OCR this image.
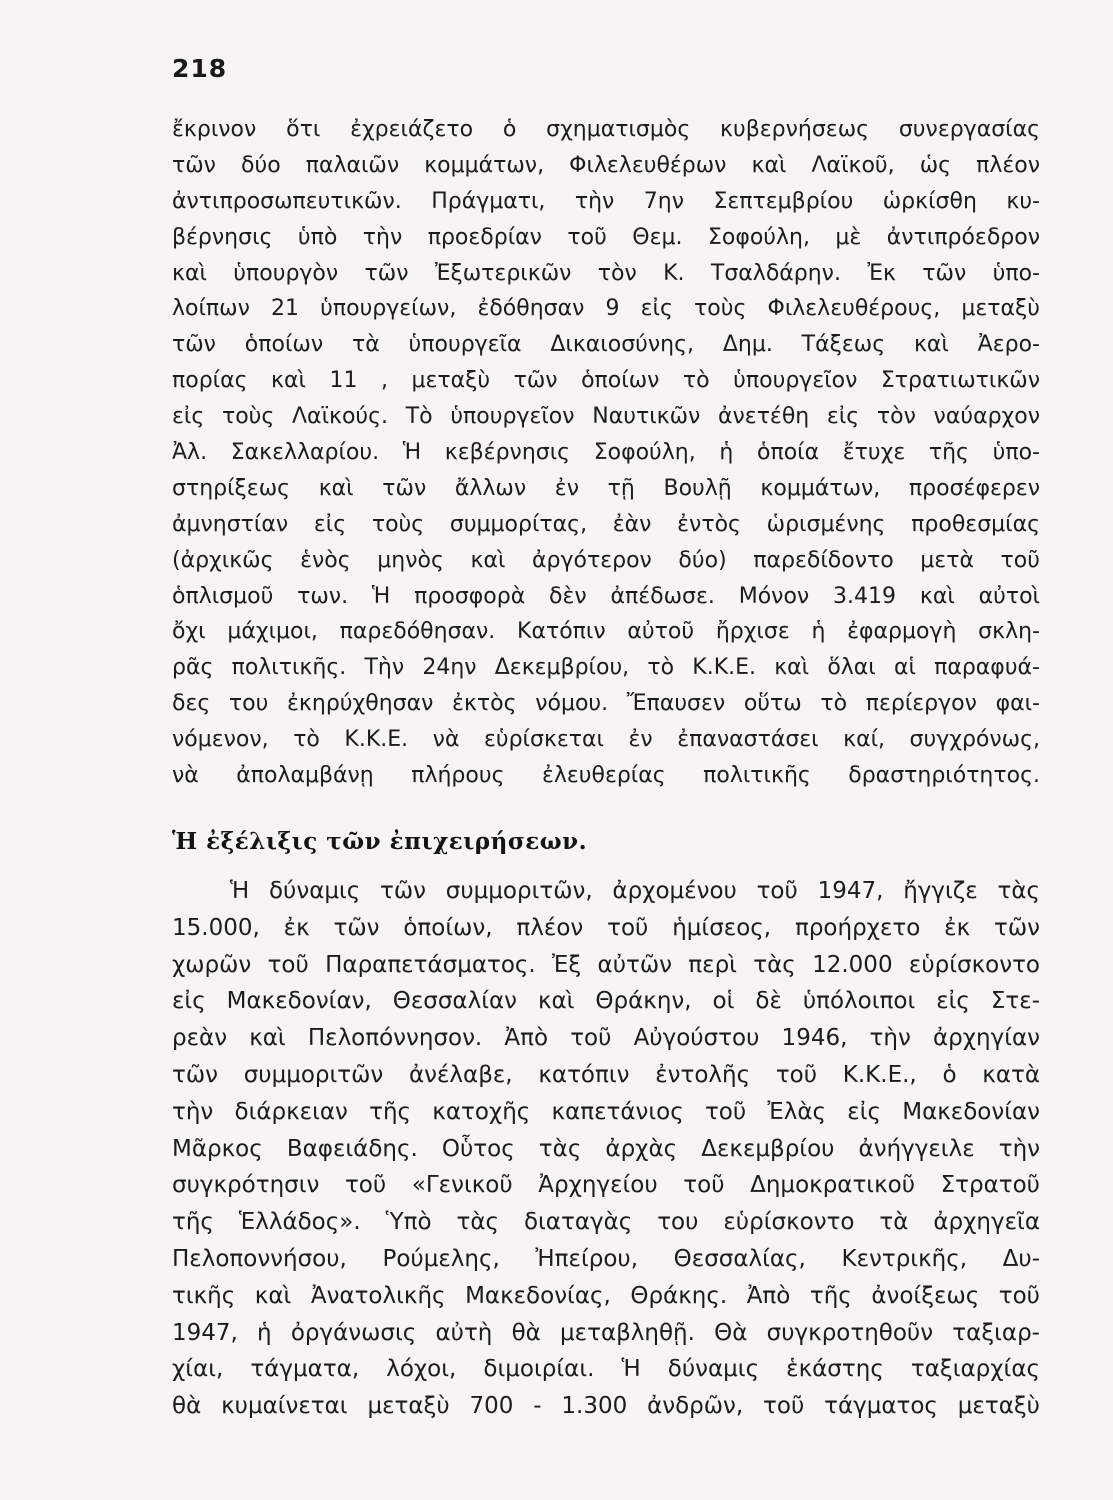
218
ἔκρινον ὅτι ἐχρειάζετο ὁ σχηματισμὸς κυβερνήσεως συνεργασίας
τῶν δύο παλαιῶν κομμάτων, Φιλελευθέρων καὶ Λαϊκοῦ, ὡς πλέον
ἀντιπροσωπευτικῶν. Πράγματι, τὴν 7ην Σεπτεμβρίου ὡρκίσθη κυ-
βέρνησις ὑπὸ τὴν προεδρίαν τοῦ Θεμ. Σοφούλη, μὲ ἀντιπρόεδρον
καὶ ὑπουργὸν τῶν Ἐξωτερικῶν τὸν Κ. Τσαλδάρην. Ἐκ τῶν ὑπο-
λοίπων 21 ὑπουργείων, ἐδόθησαν 9 εἰς τοὺς Φιλελευθέρους, μεταξὺ
τῶν ὁποίων τὰ ὑπουργεῖα Δικαιοσύνης, Δημ. Τάξεως καὶ Ἀερο-
πορίας καὶ 11 , μεταξὺ τῶν ὁποίων τὸ ὑπουργεῖον Στρατιωτικῶν
εἰς τοὺς Λαϊκούς. Τὸ ὑπουργεῖον Ναυτικῶν ἀνετέθη εἰς τὸν ναύαρχον
Ἀλ. Σακελλαρίου. Ἡ κεβέρνησις Σοφούλη, ἡ ὁποία ἔτυχε τῆς ὑπο-
στηρίξεως καὶ τῶν ἄλλων ἐν τῇ Βουλῇ κομμάτων, προσέφερεν
ἀμνηστίαν εἰς τοὺς συμμορίτας, ἐὰν ἐντὸς ὡρισμένης προθεσμίας
(ἀρχικῶς ἑνὸς μηνὸς καὶ ἀργότερον δύο) παρεδίδοντο μετὰ τοῦ
ὁπλισμοῦ των. Ἡ προσφορὰ δὲν ἀπέδωσε. Μόνον 3.419 καὶ αὐτοὶ
ὄχι μάχιμοι, παρεδόθησαν. Κατόπιν αὐτοῦ ἤρχισε ἡ ἐφαρμογὴ σκλη-
ρᾶς πολιτικῆς. Τὴν 24ην Δεκεμβρίου, τὸ Κ.Κ.Ε. καὶ ὅλαι αἱ παραφυά-
δες του ἐκηρύχθησαν ἐκτὸς νόμου. Ἔπαυσεν οὕτω τὸ περίεργον φαι-
νόμενον, τὸ Κ.Κ.Ε. νὰ εὑρίσκεται ἐν ἐπαναστάσει καί, συγχρόνως,
νὰ ἀπολαμβάνῃ πλήρους ἐλευθερίας πολιτικῆς δραστηριότητος.
Ἡ ἐξέλιξις τῶν ἐπιχειρήσεων.
Ἡ δύναμις τῶν συμμοριτῶν, ἀρχομένου τοῦ 1947, ἤγγιζε τὰς
15.000, ἐκ τῶν ὁποίων, πλέον τοῦ ἡμίσεος, προήρχετο ἐκ τῶν
χωρῶν τοῦ Παραπετάσματος. Ἐξ αὐτῶν περὶ τὰς 12.000 εὑρίσκοντο
εἰς Μακεδονίαν, Θεσσαλίαν καὶ Θράκην, οἱ δὲ ὑπόλοιποι εἰς Στε-
ρεὰν καὶ Πελοπόννησον. Ἀπὸ τοῦ Αὐγούστου 1946, τὴν ἀρχηγίαν
τῶν συμμοριτῶν ἀνέλαβε, κατόπιν ἐντολῆς τοῦ Κ.Κ.Ε., ὁ κατὰ
τὴν διάρκειαν τῆς κατοχῆς καπετάνιος τοῦ Ἐλὰς εἰς Μακεδονίαν
Μᾶρκος Βαφειάδης. Οὗτος τὰς ἀρχὰς Δεκεμβρίου ἀνήγγειλε τὴν
συγκρότησιν τοῦ «Γενικοῦ Ἀρχηγείου τοῦ Δημοκρατικοῦ Στρατοῦ
τῆς Ἑλλάδος». Ὑπὸ τὰς διαταγὰς του εὑρίσκοντο τὰ ἀρχηγεῖα
Πελοποννήσου, Ρούμελης, Ἠπείρου, Θεσσαλίας, Κεντρικῆς, Δυ-
τικῆς καὶ Ἀνατολικῆς Μακεδονίας, Θράκης. Ἀπὸ τῆς ἀνοίξεως τοῦ
1947, ἡ ὀργάνωσις αὐτὴ θὰ μεταβληθῇ. Θὰ συγκροτηθοῦν ταξιαρ-
χίαι, τάγματα, λόχοι, διμοιρίαι. Ἡ δύναμις ἑκάστης ταξιαρχίας
θὰ κυμαίνεται μεταξὺ 700 - 1.300 ἀνδρῶν, τοῦ τάγματος μεταξὺ
